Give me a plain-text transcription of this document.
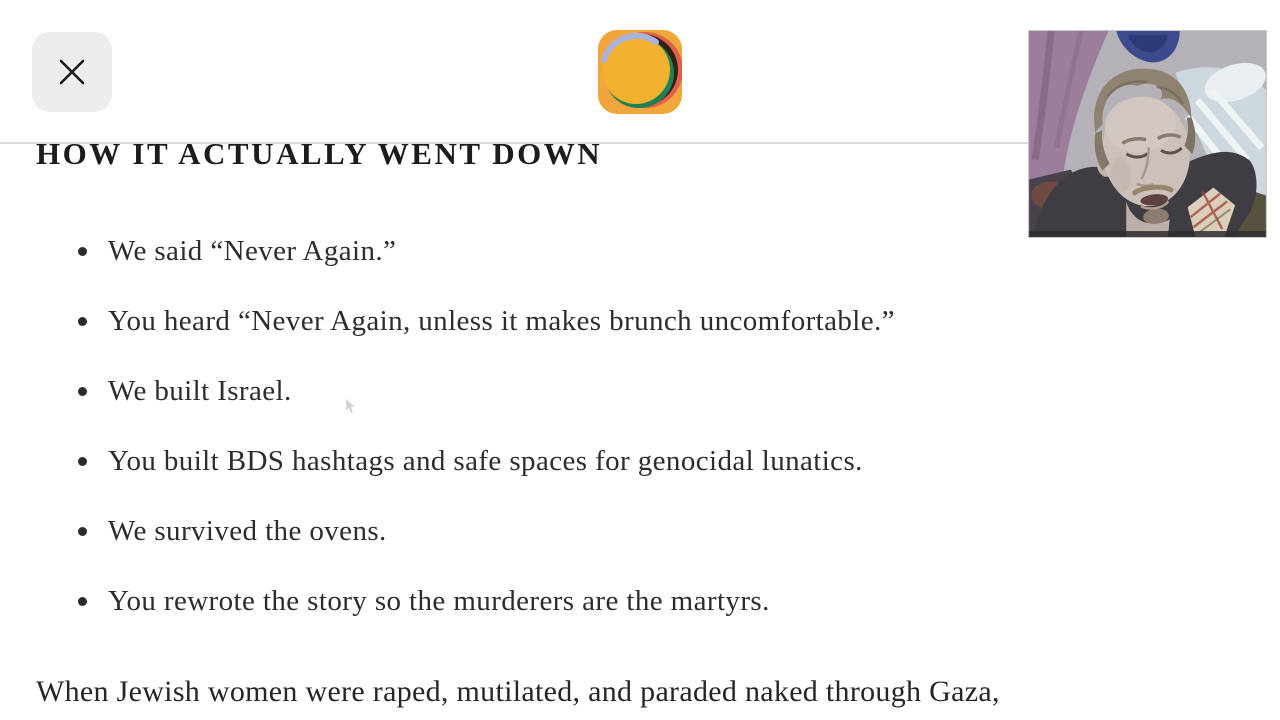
HOW IT ACTUALLY WENT DOWN
We said “Never Again.”
You heard “Never Again, unless it makes brunch uncomfortable.”
We built Israel.
You built BDS hashtags and safe spaces for genocidal lunatics.
We survived the ovens.
You rewrote the story so the murderers are the martyrs.

When Jewish women were raped, mutilated, and paraded naked through Gaza,
